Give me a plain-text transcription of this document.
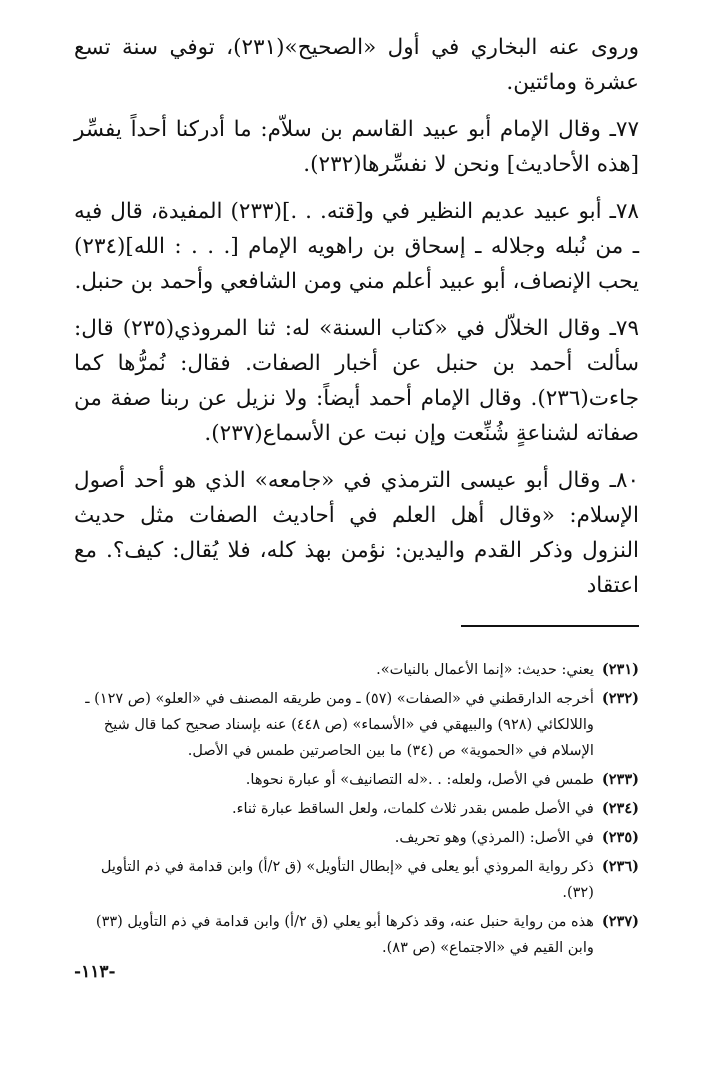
وروى عنه البخاري في أول «الصحيح»(٢٣١)، توفي سنة تسع عشرة ومائتين.

٧٧ـ وقال الإمام أبو عبيد القاسم بن سلاّم: ما أدركنا أحداً يفسِّر [هذه الأحاديث] ونحن لا نفسِّرها(٢٣٢).

٧٨ـ أبو عبيد عديم النظير في و[قته. . .](٢٣٣) المفيدة، قال فيه ـ من نُبله وجلاله ـ إسحاق بن راهويه الإمام [. . . : الله](٢٣٤) يحب الإنصاف، أبو عبيد أعلم مني ومن الشافعي وأحمد بن حنبل.

٧٩ـ وقال الخلاّل في «كتاب السنة» له: ثنا المروذي(٢٣٥) قال: سألت أحمد بن حنبل عن أخبار الصفات. فقال: نُمرُّها كما جاءت(٢٣٦). وقال الإمام أحمد أيضاً: ولا نزيل عن ربنا صفة من صفاته لشناعةٍ شُنِّعت وإن نبت عن الأسماع(٢٣٧).

٨٠ـ وقال أبو عيسى الترمذي في «جامعه» الذي هو أحد أصول الإسلام: «وقال أهل العلم في أحاديث الصفات مثل حديث النزول وذكر القدم واليدين: نؤمن بهذ كله، فلا يُقال: كيف؟. مع اعتقاد

(٢٣١)
يعني: حديث: «إنما الأعمال بالنيات».
(٢٣٢)
أخرجه الدارقطني في «الصفات» (٥٧) ـ ومن طريقه المصنف في «العلو» (ص ١٢٧) ـ واللالكائي (٩٢٨) والبيهقي في «الأسماء» (ص ٤٤٨) عنه بإسناد صحيح كما قال شيخ الإسلام في «الحموية» ص (٣٤) ما بين الحاصرتين طمس في الأصل.
(٢٣٣)
طمس في الأصل، ولعله: . .«له التصانيف» أو عبارة نحوها.
(٢٣٤)
في الأصل طمس بقدر ثلاث كلمات، ولعل الساقط عبارة ثناء.
(٢٣٥)
في الأصل: (المرذي) وهو تحريف.
(٢٣٦)
ذكر رواية المروذي أبو يعلى في «إبطال التأويل» (ق ٢/أ) وابن قدامة في ذم التأويل (٣٢).
(٢٣٧)
هذه من رواية حنبل عنه، وقد ذكرها أبو يعلي (ق ٢/أ) وابن قدامة في ذم التأويل (٣٣) وابن القيم في «الاجتماع» (ص ٨٣).
-١١٣-
